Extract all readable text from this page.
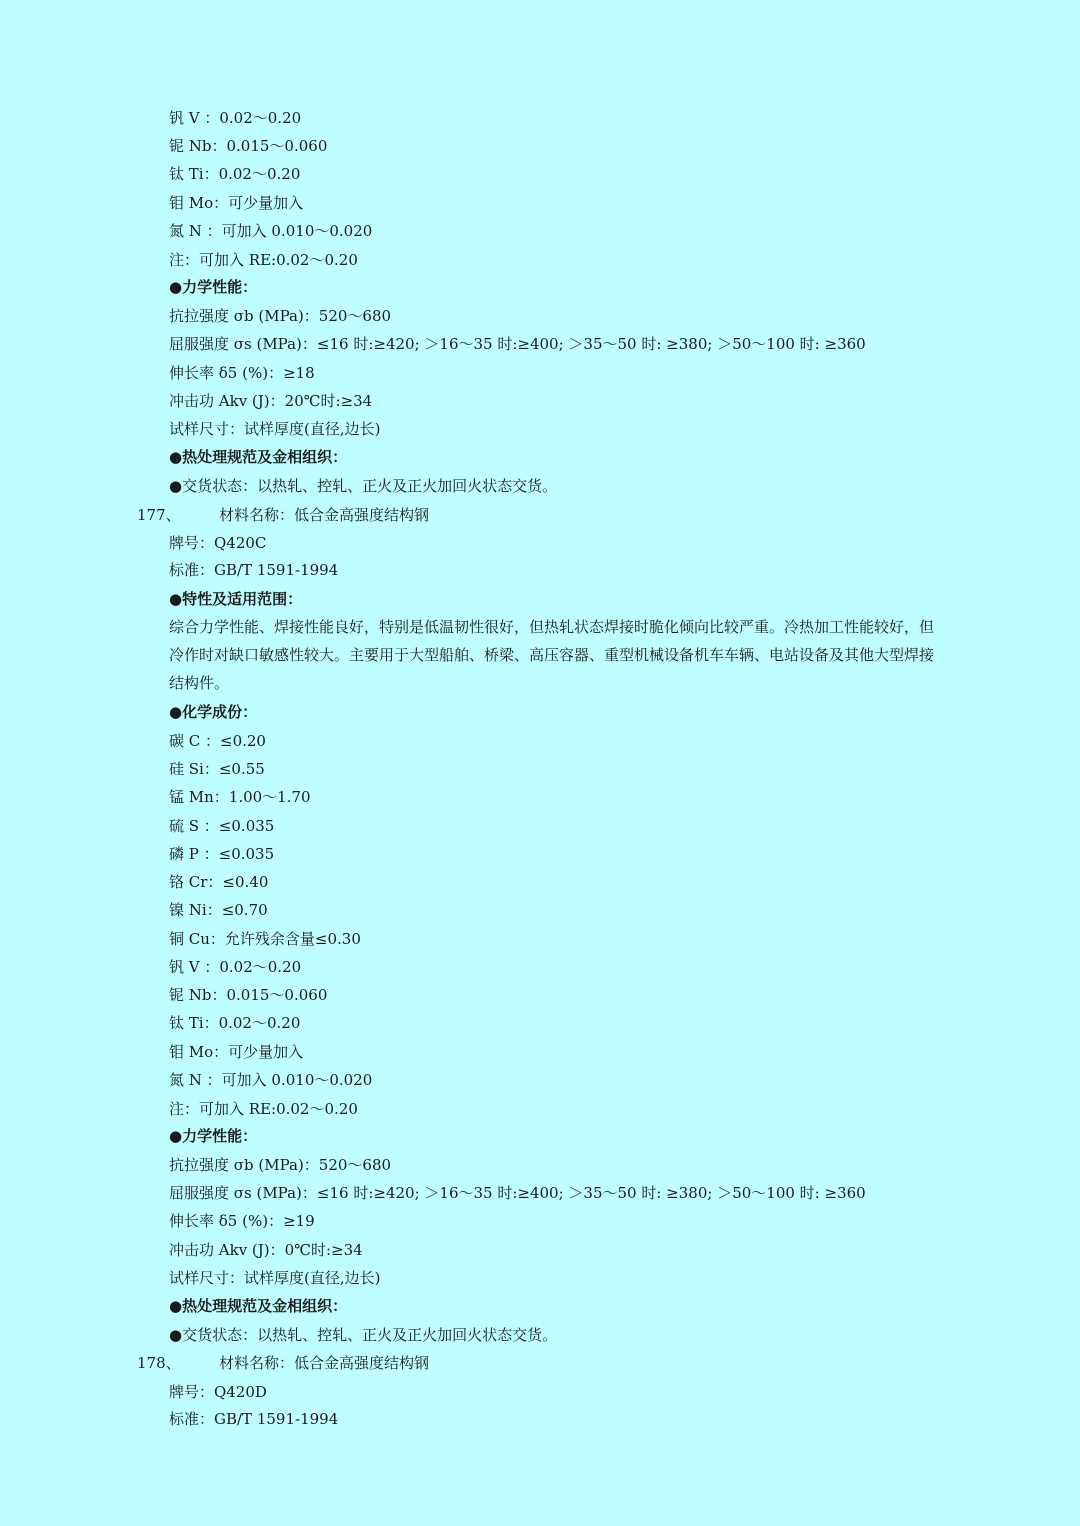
钒 V ：0.02～0.20
铌 Nb：0.015～0.060
钛 Ti：0.02～0.20
钼 Mo：可少量加入
氮 N ：可加入 0.010～0.020
注：可加入 RE:0.02～0.20
●力学性能：
抗拉强度 σb (MPa)：520～680
屈服强度 σs (MPa)：≤16 时:≥420; ＞16～35 时:≥400; ＞35～50 时: ≥380; ＞50～100 时: ≥360
伸长率 δ5 (%)：≥18
冲击功 Akv (J)：20℃时:≥34
试样尺寸：试样厚度(直径,边长)
●热处理规范及金相组织：
●交货状态：以热轧、控轧、正火及正火加回火状态交货。
177、	材料名称：低合金高强度结构钢
牌号：Q420C
标准：GB/T 1591-1994
●特性及适用范围：
综合力学性能、焊接性能良好，特别是低温韧性很好，但热轧状态焊接时脆化倾向比较严重。冷热加工性能较好，但
冷作时对缺口敏感性较大。主要用于大型船舶、桥梁、高压容器、重型机械设备机车车辆、电站设备及其他大型焊接
结构件。
●化学成份：
碳 C ：≤0.20
硅 Si：≤0.55
锰 Mn：1.00～1.70
硫 S ：≤0.035
磷 P ：≤0.035
铬 Cr：≤0.40
镍 Ni：≤0.70
铜 Cu：允许残余含量≤0.30
钒 V ：0.02～0.20
铌 Nb：0.015～0.060
钛 Ti：0.02～0.20
钼 Mo：可少量加入
氮 N ：可加入 0.010～0.020
注：可加入 RE:0.02～0.20
●力学性能：
抗拉强度 σb (MPa)：520～680
屈服强度 σs (MPa)：≤16 时:≥420; ＞16～35 时:≥400; ＞35～50 时: ≥380; ＞50～100 时: ≥360
伸长率 δ5 (%)：≥19
冲击功 Akv (J)：0℃时:≥34
试样尺寸：试样厚度(直径,边长)
●热处理规范及金相组织：
●交货状态：以热轧、控轧、正火及正火加回火状态交货。
178、	材料名称：低合金高强度结构钢
牌号：Q420D
标准：GB/T 1591-1994
